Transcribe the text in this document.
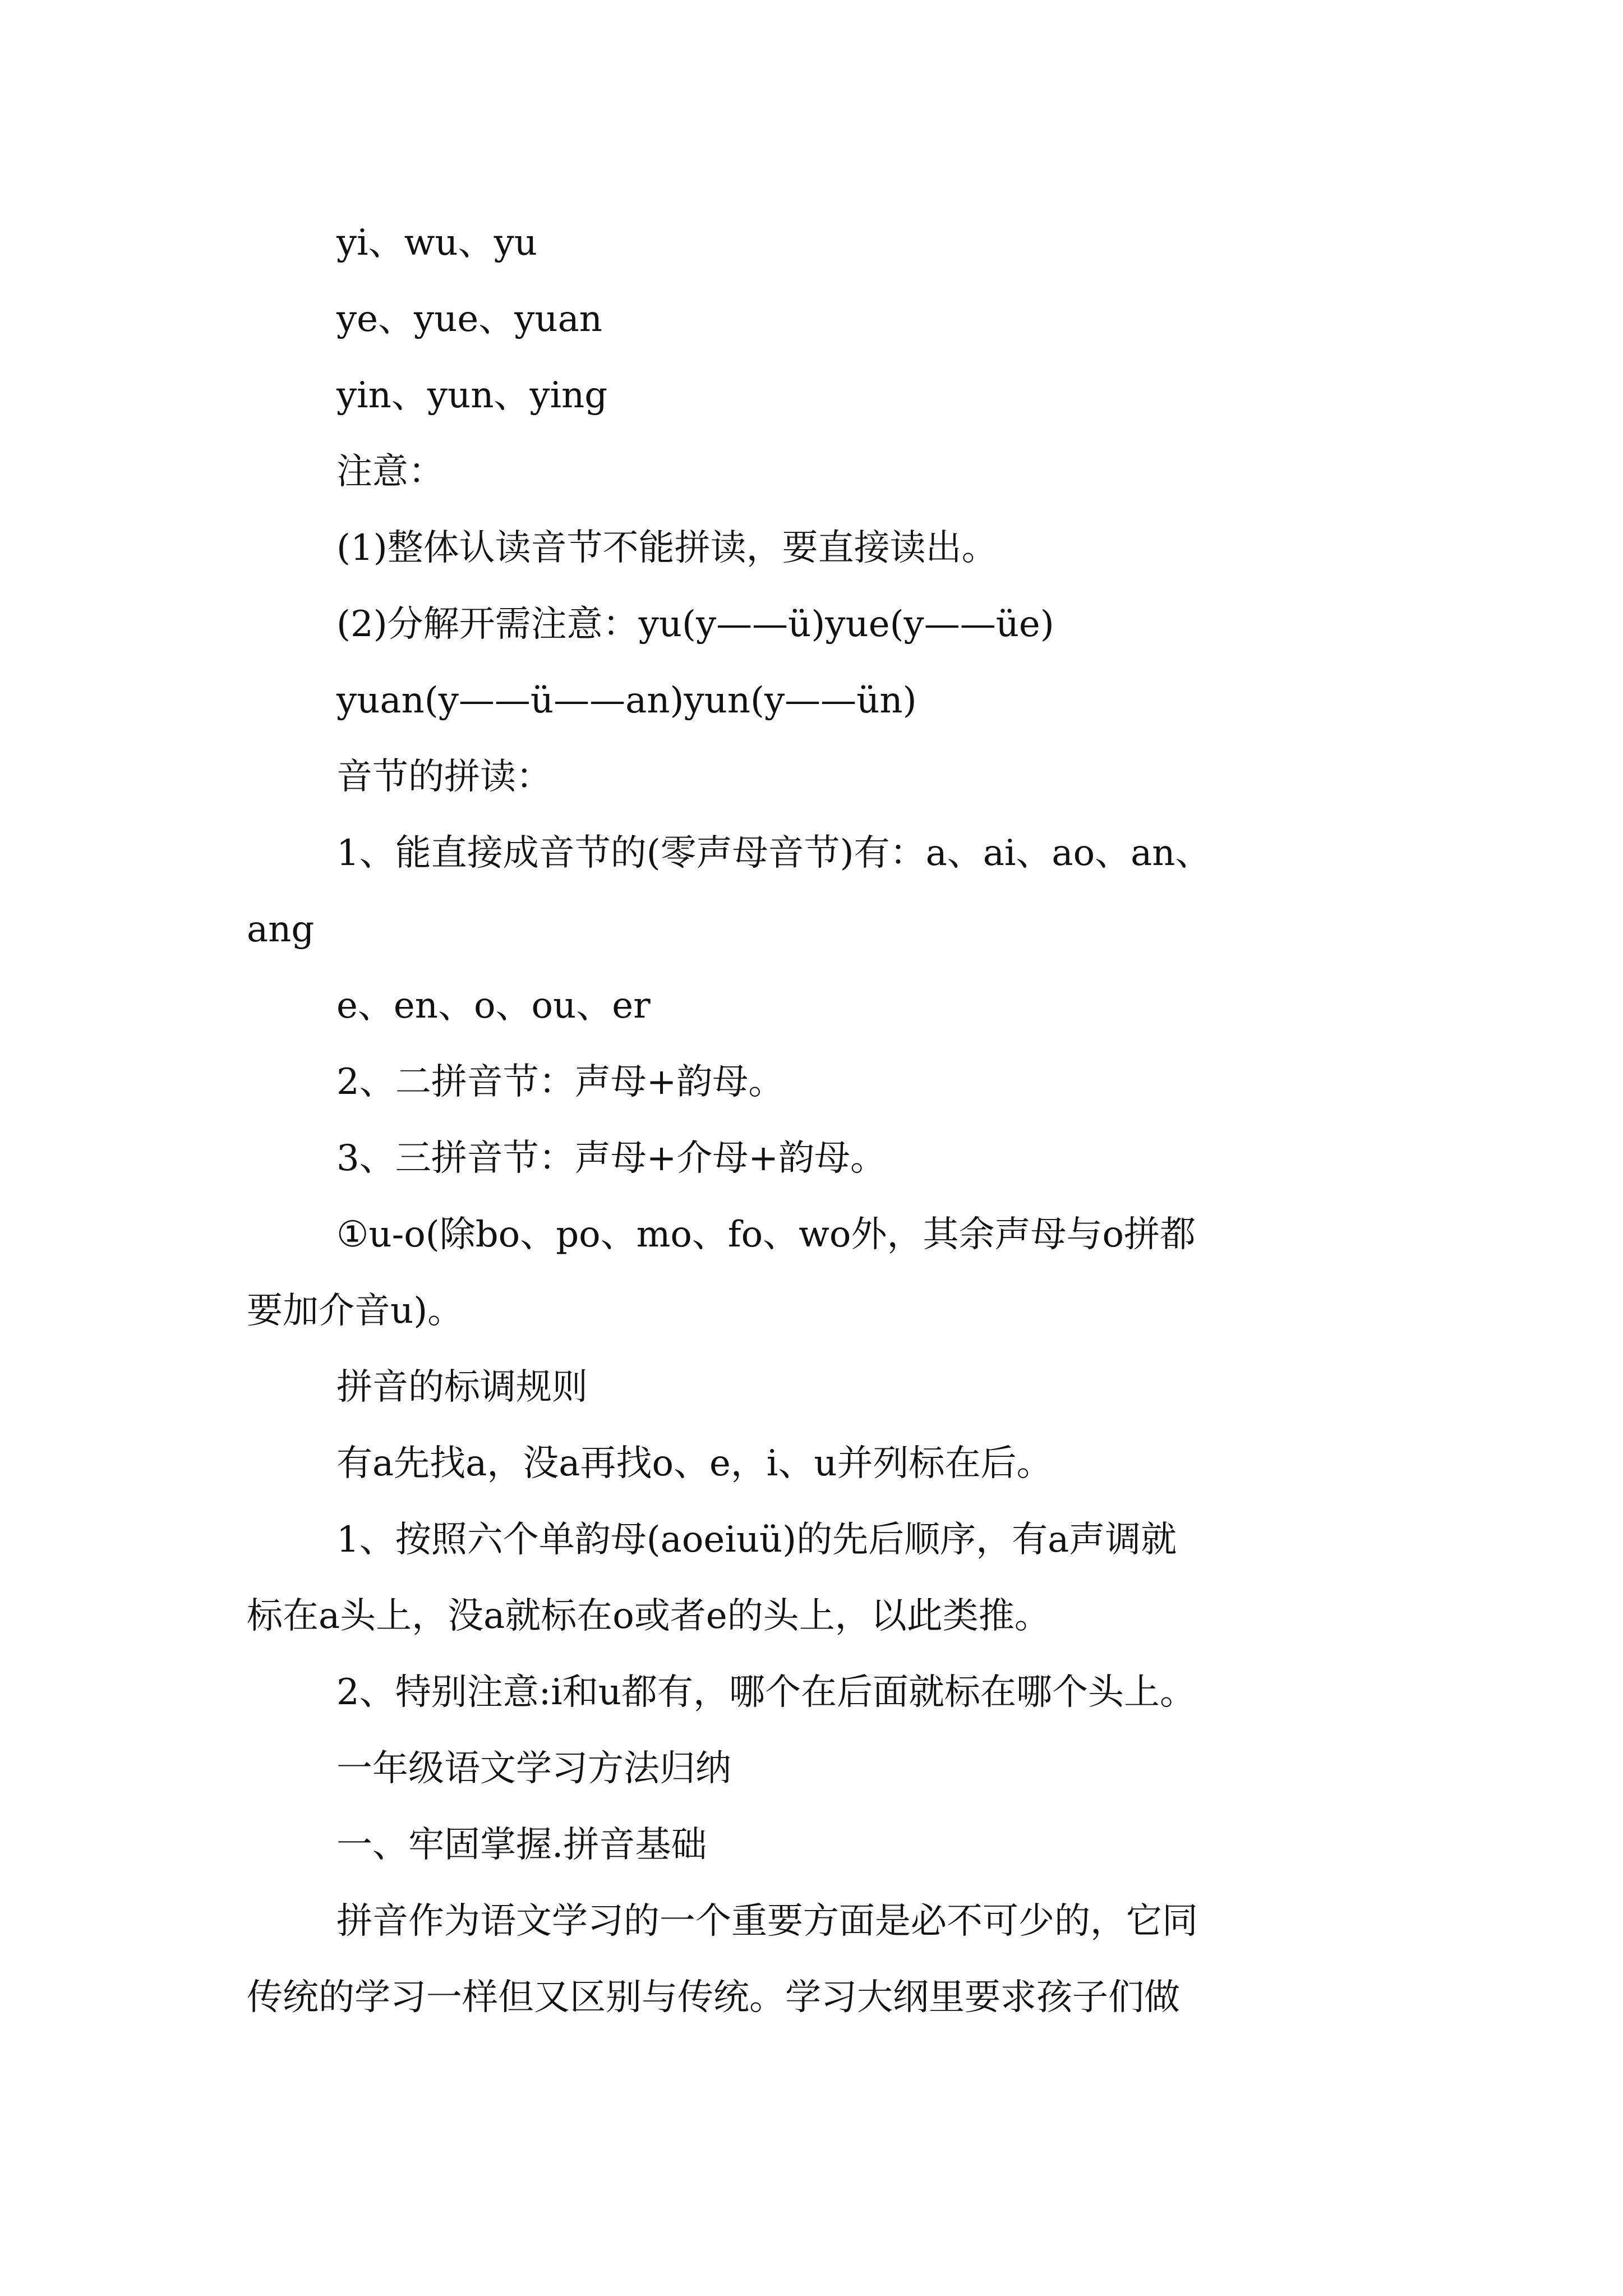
yi、wu、yu

ye、yue、yuan

yin、yun、ying

注意：

(1)整体认读音节不能拼读，要直接读出。

(2)分解开需注意：yu(y——ü)yue(y——üe)

yuan(y——ü——an)yun(y——ün)

音节的拼读：

1、能直接成音节的(零声母音节)有：a、ai、ao、an、

ang

e、en、o、ou、er

2、二拼音节：声母+韵母。

3、三拼音节：声母+介母+韵母。

①u-o(除bo、po、mo、fo、wo外，其余声母与o拼都

要加介音u)。

拼音的标调规则

有a先找a，没a再找o、e，i、u并列标在后。

1、按照六个单韵母(aoeiuü)的先后顺序，有a声调就

标在a头上，没a就标在o或者e的头上，以此类推。

2、特别注意:i和u都有，哪个在后面就标在哪个头上。

一年级语文学习方法归纳

一、牢固掌握.拼音基础

拼音作为语文学习的一个重要方面是必不可少的，它同

传统的学习一样但又区别与传统。学习大纲里要求孩子们做
